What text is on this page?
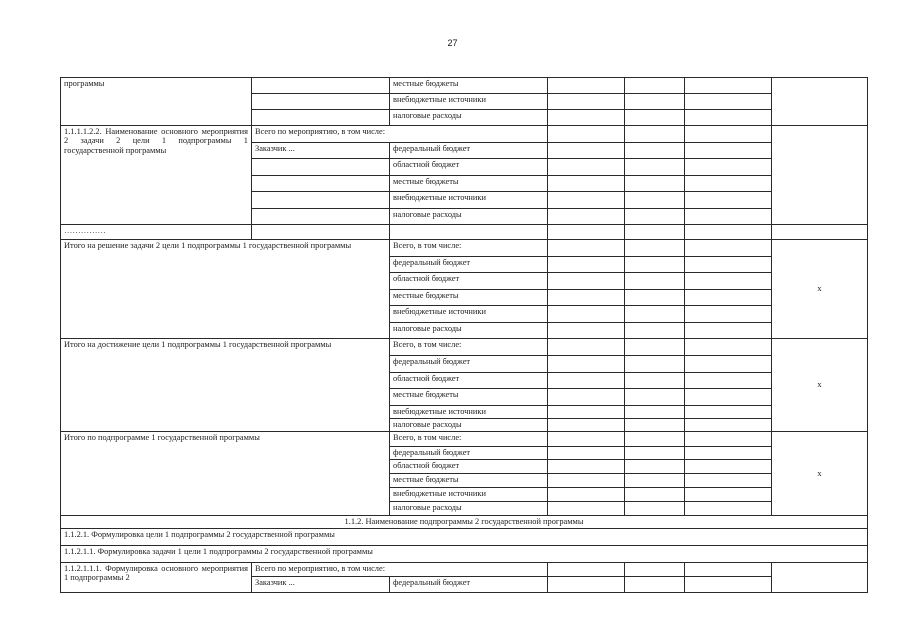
27
программы		местные бюджеты				
		внебюджетные источники				
		налоговые расходы				
1.1.1.1.2.2. Наименование основного мероприятия 2 задачи 2 цели 1 подпрограммы 1 государственной программы	Всего по мероприятию, в том числе:					
	Заказчик ...	федеральный бюджет				
		областной бюджет				
		местные бюджеты				
		внебюджетные источники				
		налоговые расходы				
……………						
Итого на решение задачи 2 цели 1 подпрограммы 1 государственной программы		Всего, в том числе:				х
		федеральный бюджет				
		областной бюджет				
		местные бюджеты				
		внебюджетные источники				
		налоговые расходы				
Итого на достижение цели 1 подпрограммы 1 государственной программы		Всего, в том числе:				х
		федеральный бюджет				
		областной бюджет				
		местные бюджеты				
		внебюджетные источники				
		налоговые расходы				
Итого по подпрограмме 1 государственной программы		Всего, в том числе:				х
		федеральный бюджет				
		областной бюджет				
		местные бюджеты				
		внебюджетные источники				
		налоговые расходы				
1.1.2. Наименование подпрограммы 2 государственной программы						
1.1.2.1. Формулировка цели 1 подпрограммы 2 государственной программы						
1.1.2.1.1. Формулировка задачи 1 цели 1 подпрограммы 2 государственной программы						
1.1.2.1.1.1. Формулировка основного мероприятия 1 подпрограммы 2	Всего по мероприятию, в том числе:					
	Заказчик ...	федеральный бюджет				
